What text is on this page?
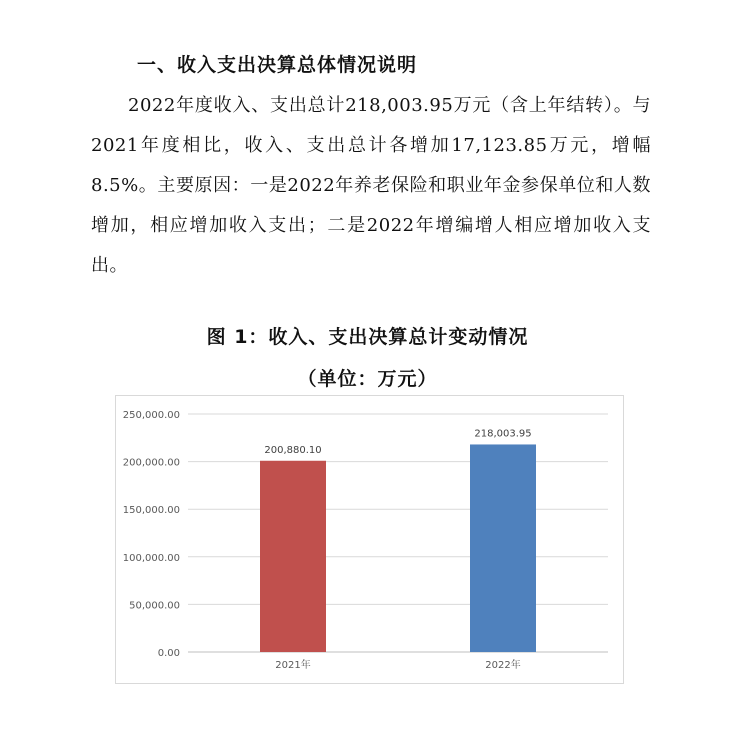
一、收入支出决算总体情况说明
2022年度收入、支出总计218,003.95万元（含上年结转）。与2021年度相比，收入、支出总计各增加17,123.85万元，增幅8.5%。主要原因：一是2022年养老保险和职业年金参保单位和人数增加，相应增加收入支出；二是2022年增编增人相应增加收入支出。
图 1：收入、支出决算总计变动情况
（单位：万元）
0.00
50,000.00
100,000.00
150,000.00
200,000.00
250,000.00
200,880.10
2021年
218,003.95
2022年
